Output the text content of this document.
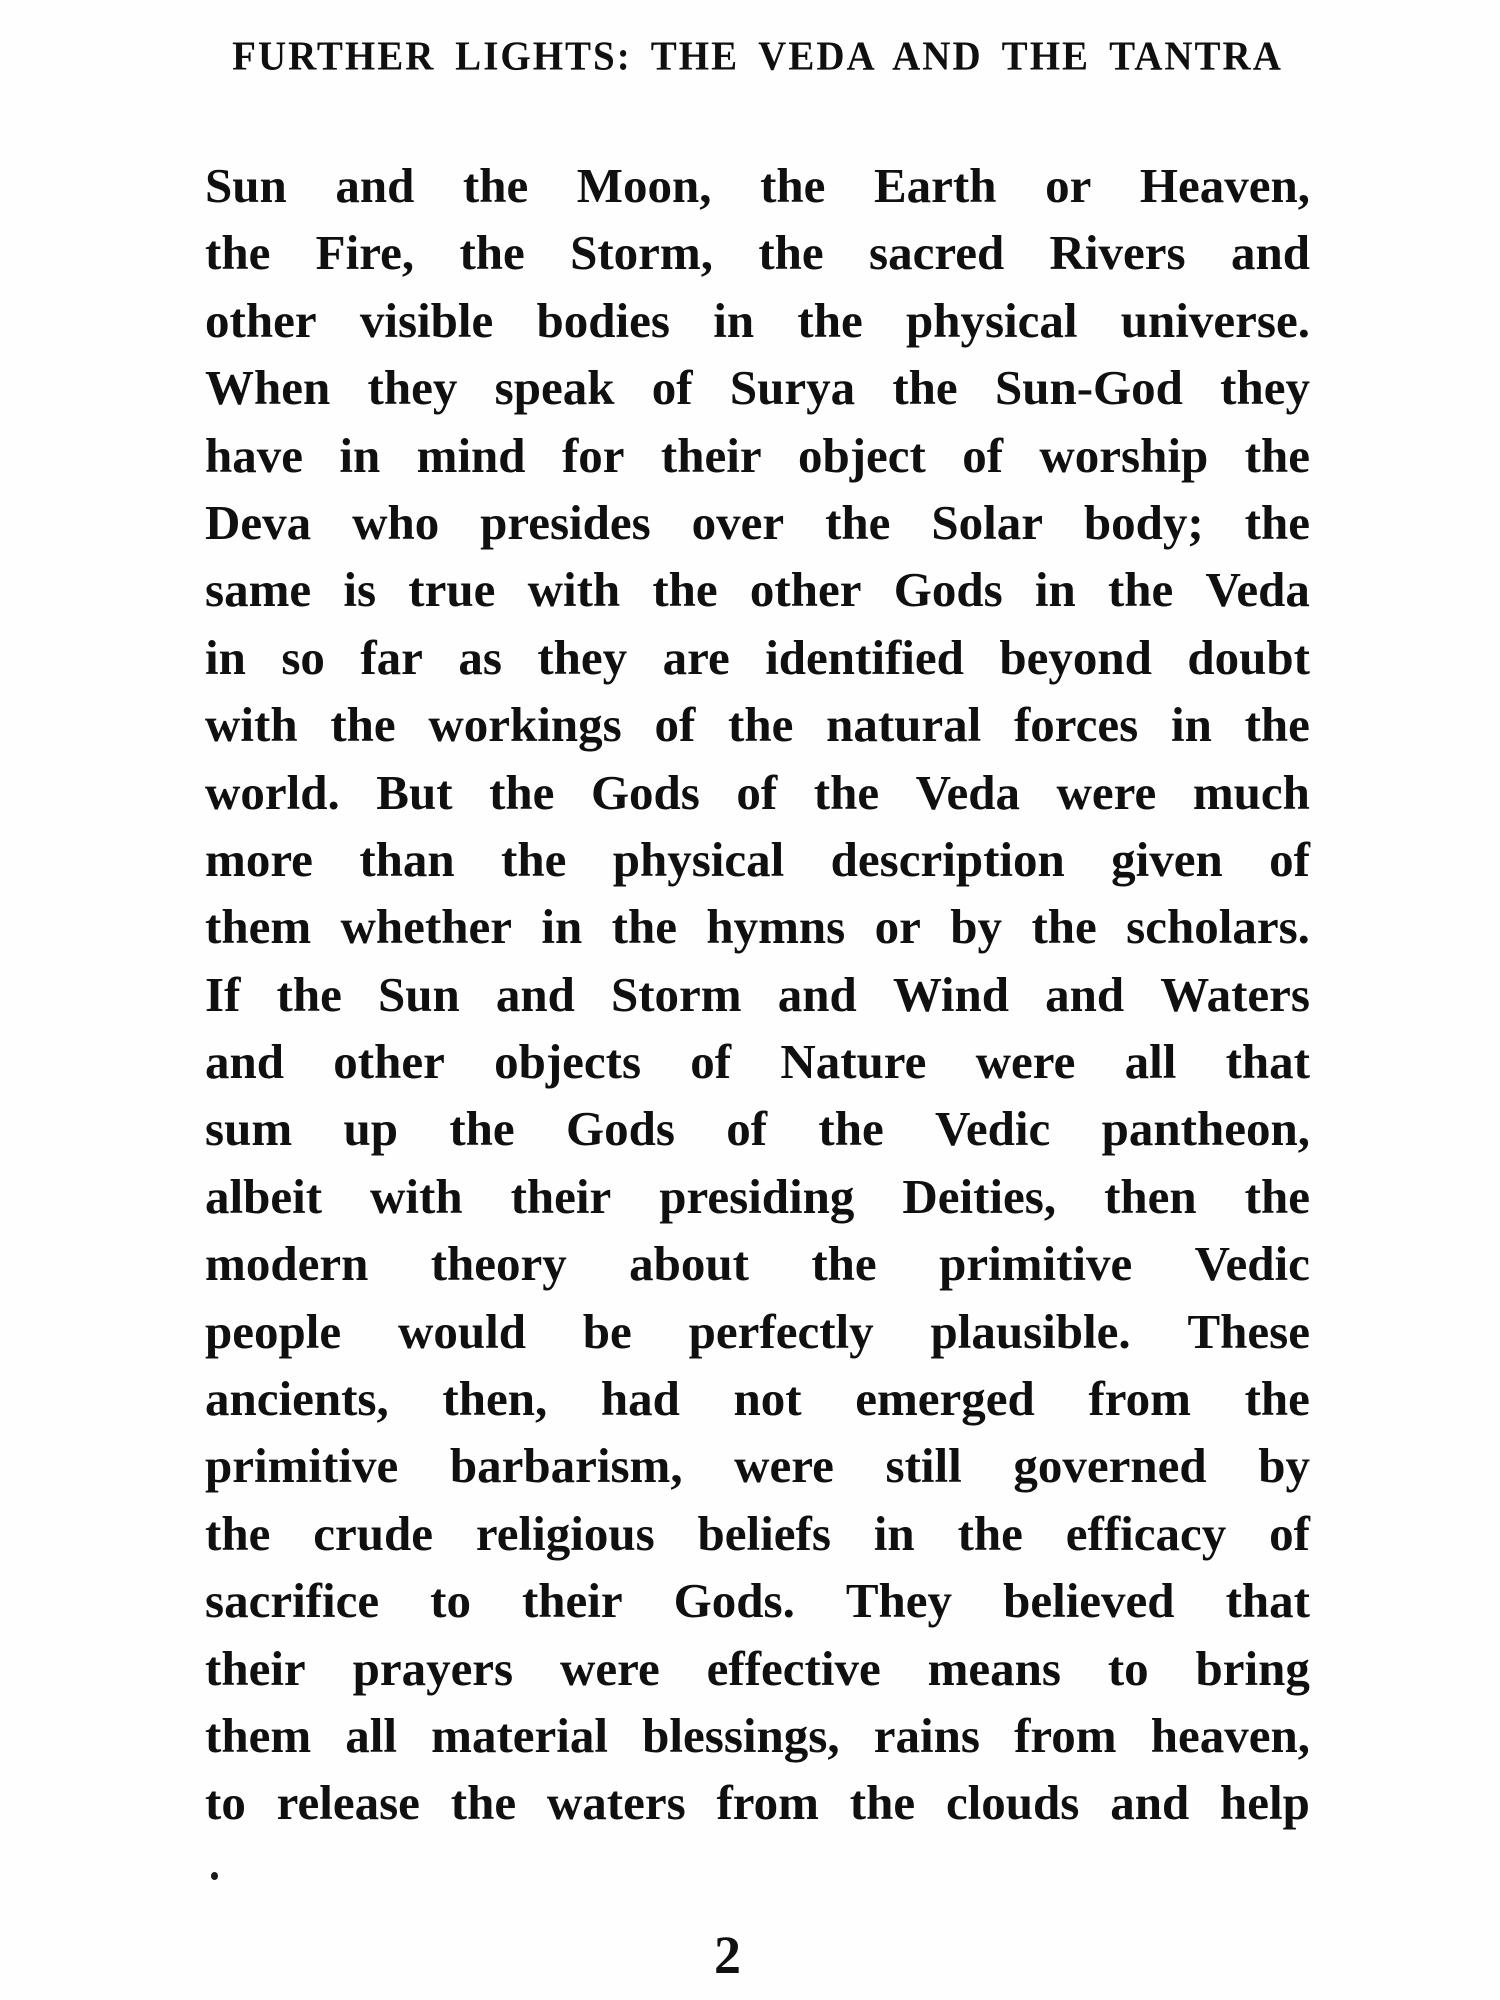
FURTHER LIGHTS: THE VEDA AND THE TANTRA
Sun and the Moon, the Earth or Heaven,
the Fire, the Storm, the sacred Rivers and
other visible bodies in the physical universe.
When they speak of Surya the Sun-God they
have in mind for their object of worship the
Deva who presides over the Solar body; the
same is true with the other Gods in the Veda
in so far as they are identified beyond doubt
with the workings of the natural forces in the
world. But the Gods of the Veda were much
more than the physical description given of
them whether in the hymns or by the scholars.
If the Sun and Storm and Wind and Waters
and other objects of Nature were all that
sum up the Gods of the Vedic pantheon,
albeit with their presiding Deities, then the
modern theory about the primitive Vedic
people would be perfectly plausible. These
ancients, then, had not emerged from the
primitive barbarism, were still governed by
the crude religious beliefs in the efficacy of
sacrifice to their Gods. They believed that
their prayers were effective means to bring
them all material blessings, rains from heaven,
to release the waters from the clouds and help
2
